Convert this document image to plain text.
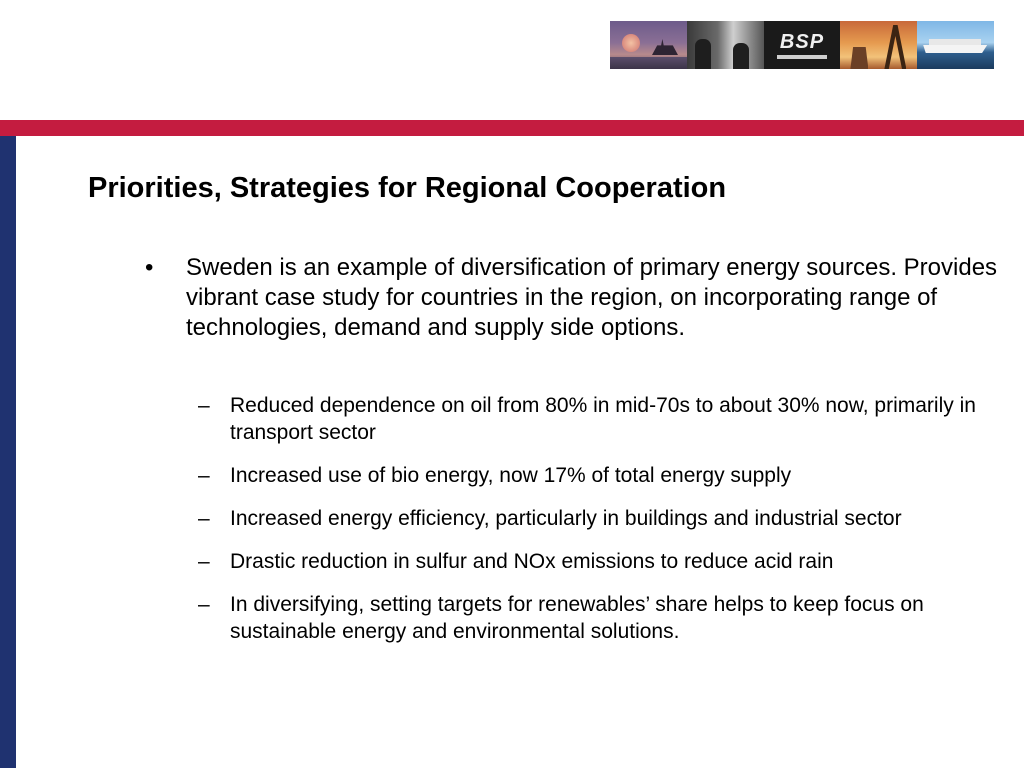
BSP
Priorities, Strategies for Regional Cooperation
• Sweden is an example of diversification of primary energy sources. Provides vibrant case study for countries in the region, on incorporating range of technologies, demand and supply side options.
– Reduced dependence on oil from 80% in mid-70s to about 30% now, primarily in transport sector
– Increased use of bio energy, now 17% of total energy supply
– Increased energy efficiency, particularly in buildings and industrial sector
– Drastic reduction in sulfur and NOx emissions to reduce acid rain
– In diversifying, setting targets for renewables’ share helps to keep focus on sustainable energy and environmental solutions.
